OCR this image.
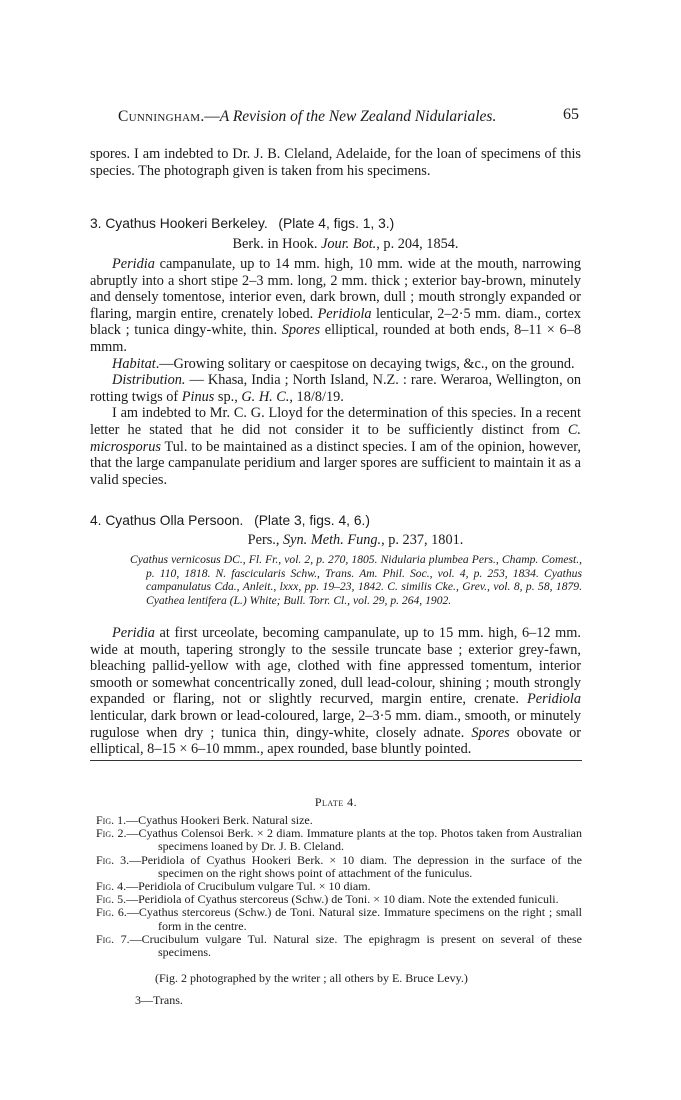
Cunningham.—A Revision of the New Zealand Nidulariales.	65

spores. I am indebted to Dr. J. B. Cleland, Adelaide, for the loan of specimens of this species. The photograph given is taken from his specimens.

3. Cyathus Hookeri Berkeley. (Plate 4, figs. 1, 3.)
Berk. in Hook. Jour. Bot., p. 204, 1854.

Peridia campanulate, up to 14 mm. high, 10 mm. wide at the mouth, narrowing abruptly into a short stipe 2–3 mm. long, 2 mm. thick ; exterior bay-brown, minutely and densely tomentose, interior even, dark brown, dull ; mouth strongly expanded or flaring, margin entire, crenately lobed. Peridiola lenticular, 2–2·5 mm. diam., cortex black ; tunica dingy-white, thin. Spores elliptical, rounded at both ends, 8–11 × 6–8 mmm.

Habitat.—Growing solitary or caespitose on decaying twigs, &c., on the ground.

Distribution. — Khasa, India ; North Island, N.Z. : rare. Weraroa, Wellington, on rotting twigs of Pinus sp., G. H. C., 18/8/19.

I am indebted to Mr. C. G. Lloyd for the determination of this species. In a recent letter he stated that he did not consider it to be sufficiently distinct from C. microsporus Tul. to be maintained as a distinct species. I am of the opinion, however, that the large campanulate peridium and larger spores are sufficient to maintain it as a valid species.

4. Cyathus Olla Persoon. (Plate 3, figs. 4, 6.)
Pers., Syn. Meth. Fung., p. 237, 1801.

Cyathus vernicosus DC., Fl. Fr., vol. 2, p. 270, 1805. Nidularia plumbea Pers., Champ. Comest., p. 110, 1818. N. fascicularis Schw., Trans. Am. Phil. Soc., vol. 4, p. 253, 1834. Cyathus campanulatus Cda., Anleit., lxxx, pp. 19–23, 1842. C. similis Cke., Grev., vol. 8, p. 58, 1879. Cyathea lentifera (L.) White; Bull. Torr. Cl., vol. 29, p. 264, 1902.

Peridia at first urceolate, becoming campanulate, up to 15 mm. high, 6–12 mm. wide at mouth, tapering strongly to the sessile truncate base ; exterior grey-fawn, bleaching pallid-yellow with age, clothed with fine appressed tomentum, interior smooth or somewhat concentrically zoned, dull lead-colour, shining ; mouth strongly expanded or flaring, not or slightly recurved, margin entire, crenate. Peridiola lenticular, dark brown or lead-coloured, large, 2–3·5 mm. diam., smooth, or minutely rugulose when dry ; tunica thin, dingy-white, closely adnate. Spores obovate or elliptical, 8–15 × 6–10 mmm., apex rounded, base bluntly pointed.

Plate 4.

Fig. 1.—Cyathus Hookeri Berk. Natural size.

Fig. 2.—Cyathus Colensoi Berk. × 2 diam. Immature plants at the top. Photos taken from Australian specimens loaned by Dr. J. B. Cleland.

Fig. 3.—Peridiola of Cyathus Hookeri Berk. × 10 diam. The depression in the surface of the specimen on the right shows point of attachment of the funiculus.

Fig. 4.—Peridiola of Crucibulum vulgare Tul. × 10 diam.

Fig. 5.—Peridiola of Cyathus stercoreus (Schw.) de Toni. × 10 diam. Note the extended funiculi.

Fig. 6.—Cyathus stercoreus (Schw.) de Toni. Natural size. Immature specimens on the right ; small form in the centre.

Fig. 7.—Crucibulum vulgare Tul. Natural size. The epighragm is present on several of these specimens.

(Fig. 2 photographed by the writer ; all others by E. Bruce Levy.)
3—Trans.
